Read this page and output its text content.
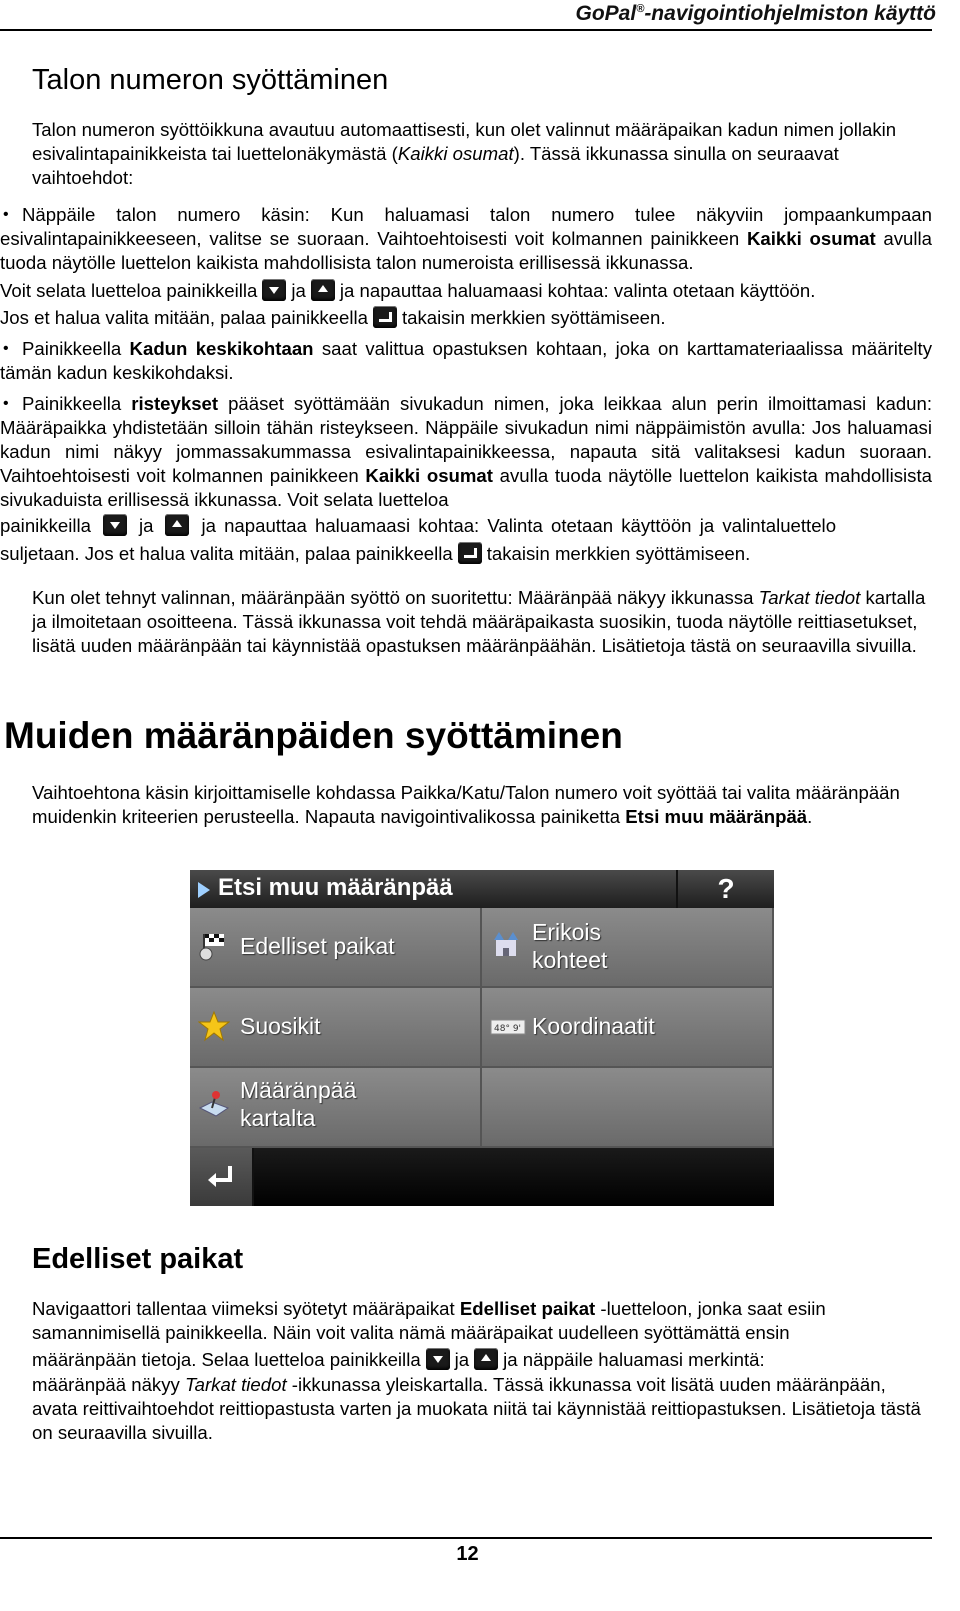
GoPal®-navigointiohjelmiston käyttö
Talon numeron syöttäminen
Talon numeron syöttöikkuna avautuu automaattisesti, kun olet valinnut määräpaikan kadun nimen jollakin esivalintapainikkeista tai luettelonäkymästä (Kaikki osumat). Tässä ikkunassa sinulla on seuraavat vaihtoehdot:
Näppäile talon numero käsin: Kun haluamasi talon numero tulee näkyviin jompaankumpaan esivalintapainikkeeseen, valitse se suoraan. Vaihtoehtoisesti voit kolmannen painikkeen Kaikki osumat avulla tuoda näytölle luettelon kaikista mahdollisista talon numeroista erillisessä ikkunassa.
•
Voit selata luetteloa painikkeilla ja ja napauttaa haluamaasi kohtaa: valinta otetaan käyttöön.
Jos et halua valita mitään, palaa painikkeella takaisin merkkien syöttämiseen.
• Painikkeella Kadun keskikohtaan saat valittua opastuksen kohtaan, joka on karttamateriaalissa määritelty tämän kadun keskikohdaksi.
• Painikkeella risteykset pääset syöttämään sivukadun nimen, joka leikkaa alun perin ilmoittamasi kadun: Määräpaikka yhdistetään silloin tähän risteykseen. Näppäile sivukadun nimi näppäimistön avulla: Jos haluamasi kadun nimi näkyy jommassakummassa esivalintapainikkeessa, napauta sitä valitaksesi kadun suoraan. Vaihtoehtoisesti voit kolmannen painikkeen Kaikki osumat avulla tuoda näytölle luettelon kaikista mahdollisista sivukaduista erillisessä ikkunassa. Voit selata luetteloa
painikkeilla	ja	ja napauttaa haluamaasi kohtaa: Valinta otetaan käyttöön ja valintaluettelo
suljetaan. Jos et halua valita mitään, palaa painikkeella takaisin merkkien syöttämiseen.
Kun olet tehnyt valinnan, määränpään syöttö on suoritettu: Määränpää näkyy ikkunassa Tarkat tiedot kartalla ja ilmoitetaan osoitteena. Tässä ikkunassa voit tehdä määräpaikasta suosikin, tuoda näytölle reittiasetukset, lisätä uuden määränpään tai käynnistää opastuksen määränpäähän. Lisätietoja tästä on seuraavilla sivuilla.
Muiden määränpäiden syöttäminen
Vaihtoehtona käsin kirjoittamiselle kohdassa Paikka/Katu/Talon numero voit syöttää tai valita määränpään muidenkin kriteerien perusteella. Napauta navigointivalikossa painiketta Etsi muu määränpää.
Etsi muu määränpää	?
Edelliset paikat
Erikois
kohteet
Suosikit	48° 9' Koordinaatit
Määränpää
kartalta
Edelliset paikat
Navigaattori tallentaa viimeksi syötetyt määräpaikat Edelliset paikat -luetteloon, jonka saat esiin samannimisellä painikkeella. Näin voit valita nämä määräpaikat uudelleen syöttämättä ensin
määränpään tietoja. Selaa luetteloa painikkeilla ja ja näppäile haluamasi merkintä:
määränpää näkyy Tarkat tiedot -ikkunassa yleiskartalla. Tässä ikkunassa voit lisätä uuden määränpään, avata reittivaihtoehdot reittiopastusta varten ja muokata niitä tai käynnistää reittiopastuksen. Lisätietoja tästä on seuraavilla sivuilla.
12
